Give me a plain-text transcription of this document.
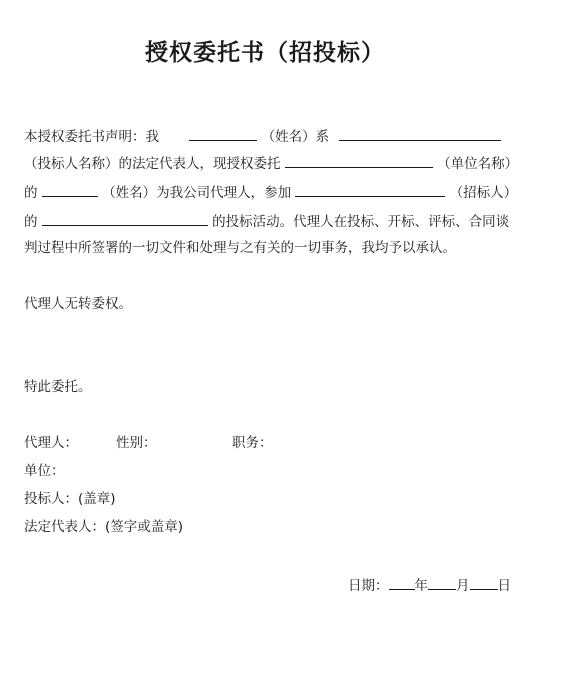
授权委托书（招投标）
本授权委托书声明：我	（姓名）系
（投标人名称）的法定代表人，现授权委托	（单位名称）
的	（姓名）为我公司代理人，参加	（招标人）
的	的投标活动。代理人在投标、开标、评标、合同谈
判过程中所签署的一切文件和处理与之有关的一切事务，我均予以承认。
代理人无转委权。
特此委托。
代理人：	性别：	职务：
单位：
投标人：(盖章)
法定代表人：(签字或盖章)
日期： 年 月 日
